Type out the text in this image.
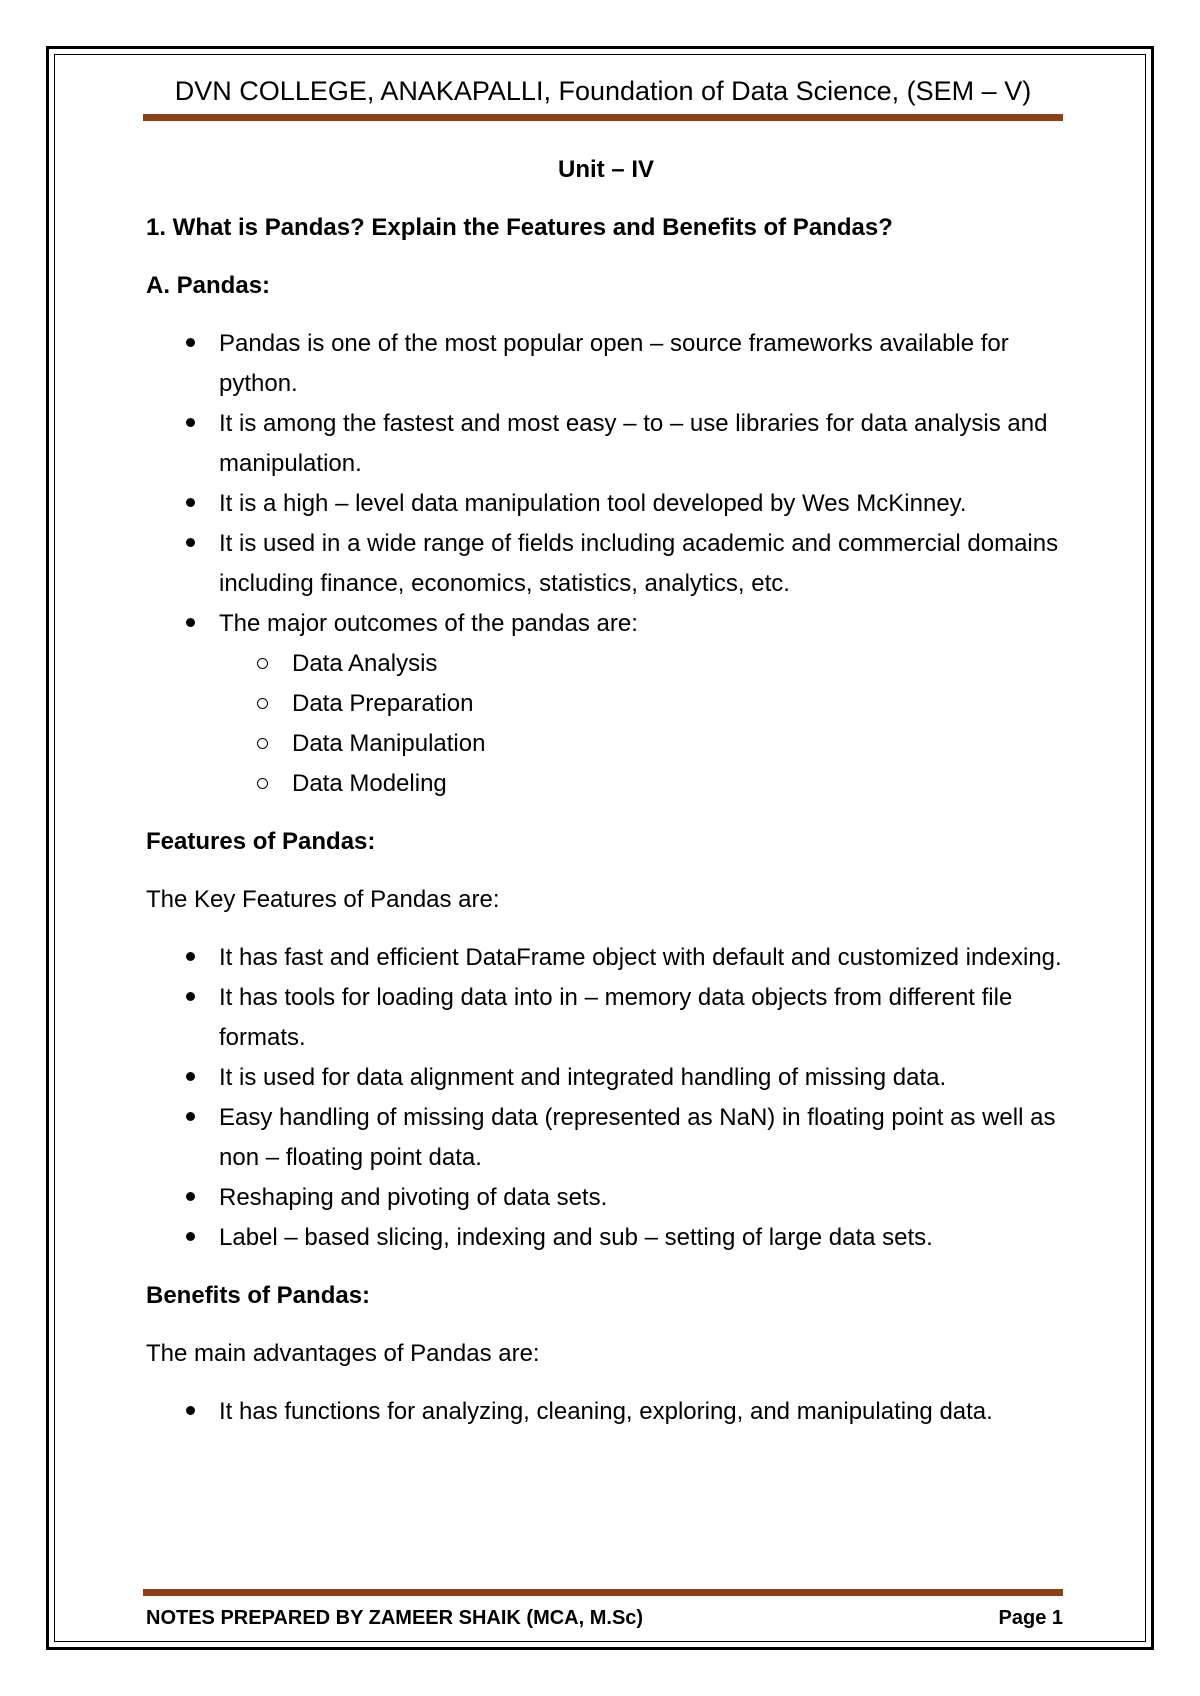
DVN COLLEGE, ANAKAPALLI, Foundation of Data Science, (SEM – V)
Unit – IV
1. What is Pandas? Explain the Features and Benefits of Pandas?
A. Pandas:
Pandas is one of the most popular open – source frameworks available for python.
It is among the fastest and most easy – to – use libraries for data analysis and manipulation.
It is a high – level data manipulation tool developed by Wes McKinney.
It is used in a wide range of fields including academic and commercial domains including finance, economics, statistics, analytics, etc.
The major outcomes of the pandas are:
Data Analysis
Data Preparation
Data Manipulation
Data Modeling
Features of Pandas:
The Key Features of Pandas are:
It has fast and efficient DataFrame object with default and customized indexing.
It has tools for loading data into in – memory data objects from different file formats.
It is used for data alignment and integrated handling of missing data.
Easy handling of missing data (represented as NaN) in floating point as well as non – floating point data.
Reshaping and pivoting of data sets.
Label – based slicing, indexing and sub – setting of large data sets.
Benefits of Pandas:
The main advantages of Pandas are:
It has functions for analyzing, cleaning, exploring, and manipulating data.
NOTES PREPARED BY ZAMEER SHAIK (MCA, M.Sc)	Page 1
